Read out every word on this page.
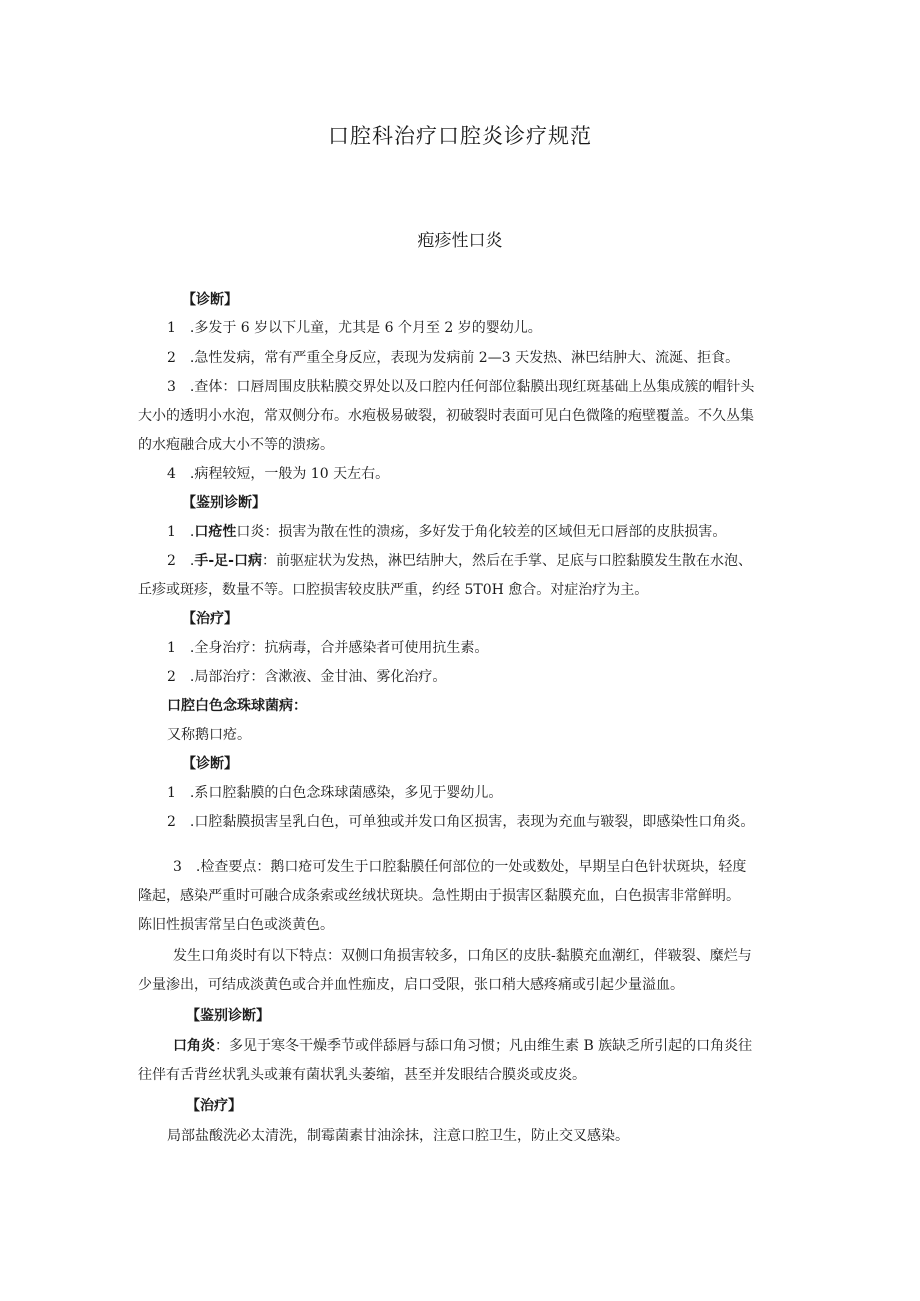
口腔科治疗口腔炎诊疗规范
疱疹性口炎
【诊断】
1　.多发于 6 岁以下儿童，尤其是 6 个月至 2 岁的婴幼儿。
2　.急性发病，常有严重全身反应，表现为发病前 2—3 天发热、淋巴结肿大、流涎、拒食。
3　.查体：口唇周围皮肤粘膜交界处以及口腔内任何部位黏膜出现红斑基础上丛集成簇的帽针头
大小的透明小水泡，常双侧分布。水疱极易破裂，初破裂时表面可见白色微隆的疱壁覆盖。不久丛集
的水疱融合成大小不等的溃疡。
4　.病程较短，一般为 10 天左右。
【鉴别诊断】
1　.口疮性口炎：损害为散在性的溃疡，多好发于角化较差的区域但无口唇部的皮肤损害。
2　.手-足-口病：前驱症状为发热，淋巴结肿大，然后在手掌、足底与口腔黏膜发生散在水泡、
丘疹或斑疹，数量不等。口腔损害较皮肤严重，约经 5T0H 愈合。对症治疗为主。
【治疗】
1　.全身治疗：抗病毒，合并感染者可使用抗生素。
2　.局部治疗：含漱液、金甘油、雾化治疗。
口腔白色念珠球菌病：
又称鹅口疮。
【诊断】
1　.系口腔黏膜的白色念珠球菌感染，多见于婴幼儿。
2　.口腔黏膜损害呈乳白色，可单独或并发口角区损害，表现为充血与皲裂，即感染性口角炎。
3　.检查要点：鹅口疮可发生于口腔黏膜任何部位的一处或数处，早期呈白色针状斑块，轻度
隆起，感染严重时可融合成条索或丝绒状斑块。急性期由于损害区黏膜充血，白色损害非常鲜明。
陈旧性损害常呈白色或淡黄色。
发生口角炎时有以下特点：双侧口角损害较多，口角区的皮肤-黏膜充血潮红，伴皲裂、糜烂与
少量渗出，可结成淡黄色或合并血性痂皮，启口受限，张口稍大感疼痛或引起少量溢血。
【鉴别诊断】
口角炎：多见于寒冬干燥季节或伴舔唇与舔口角习惯；凡由维生素 B 族缺乏所引起的口角炎往
往伴有舌背丝状乳头或兼有菌状乳头萎缩，甚至并发眼结合膜炎或皮炎。
【治疗】
局部盐酸洗必太清洗，制霉菌素甘油涂抹，注意口腔卫生，防止交叉感染。
